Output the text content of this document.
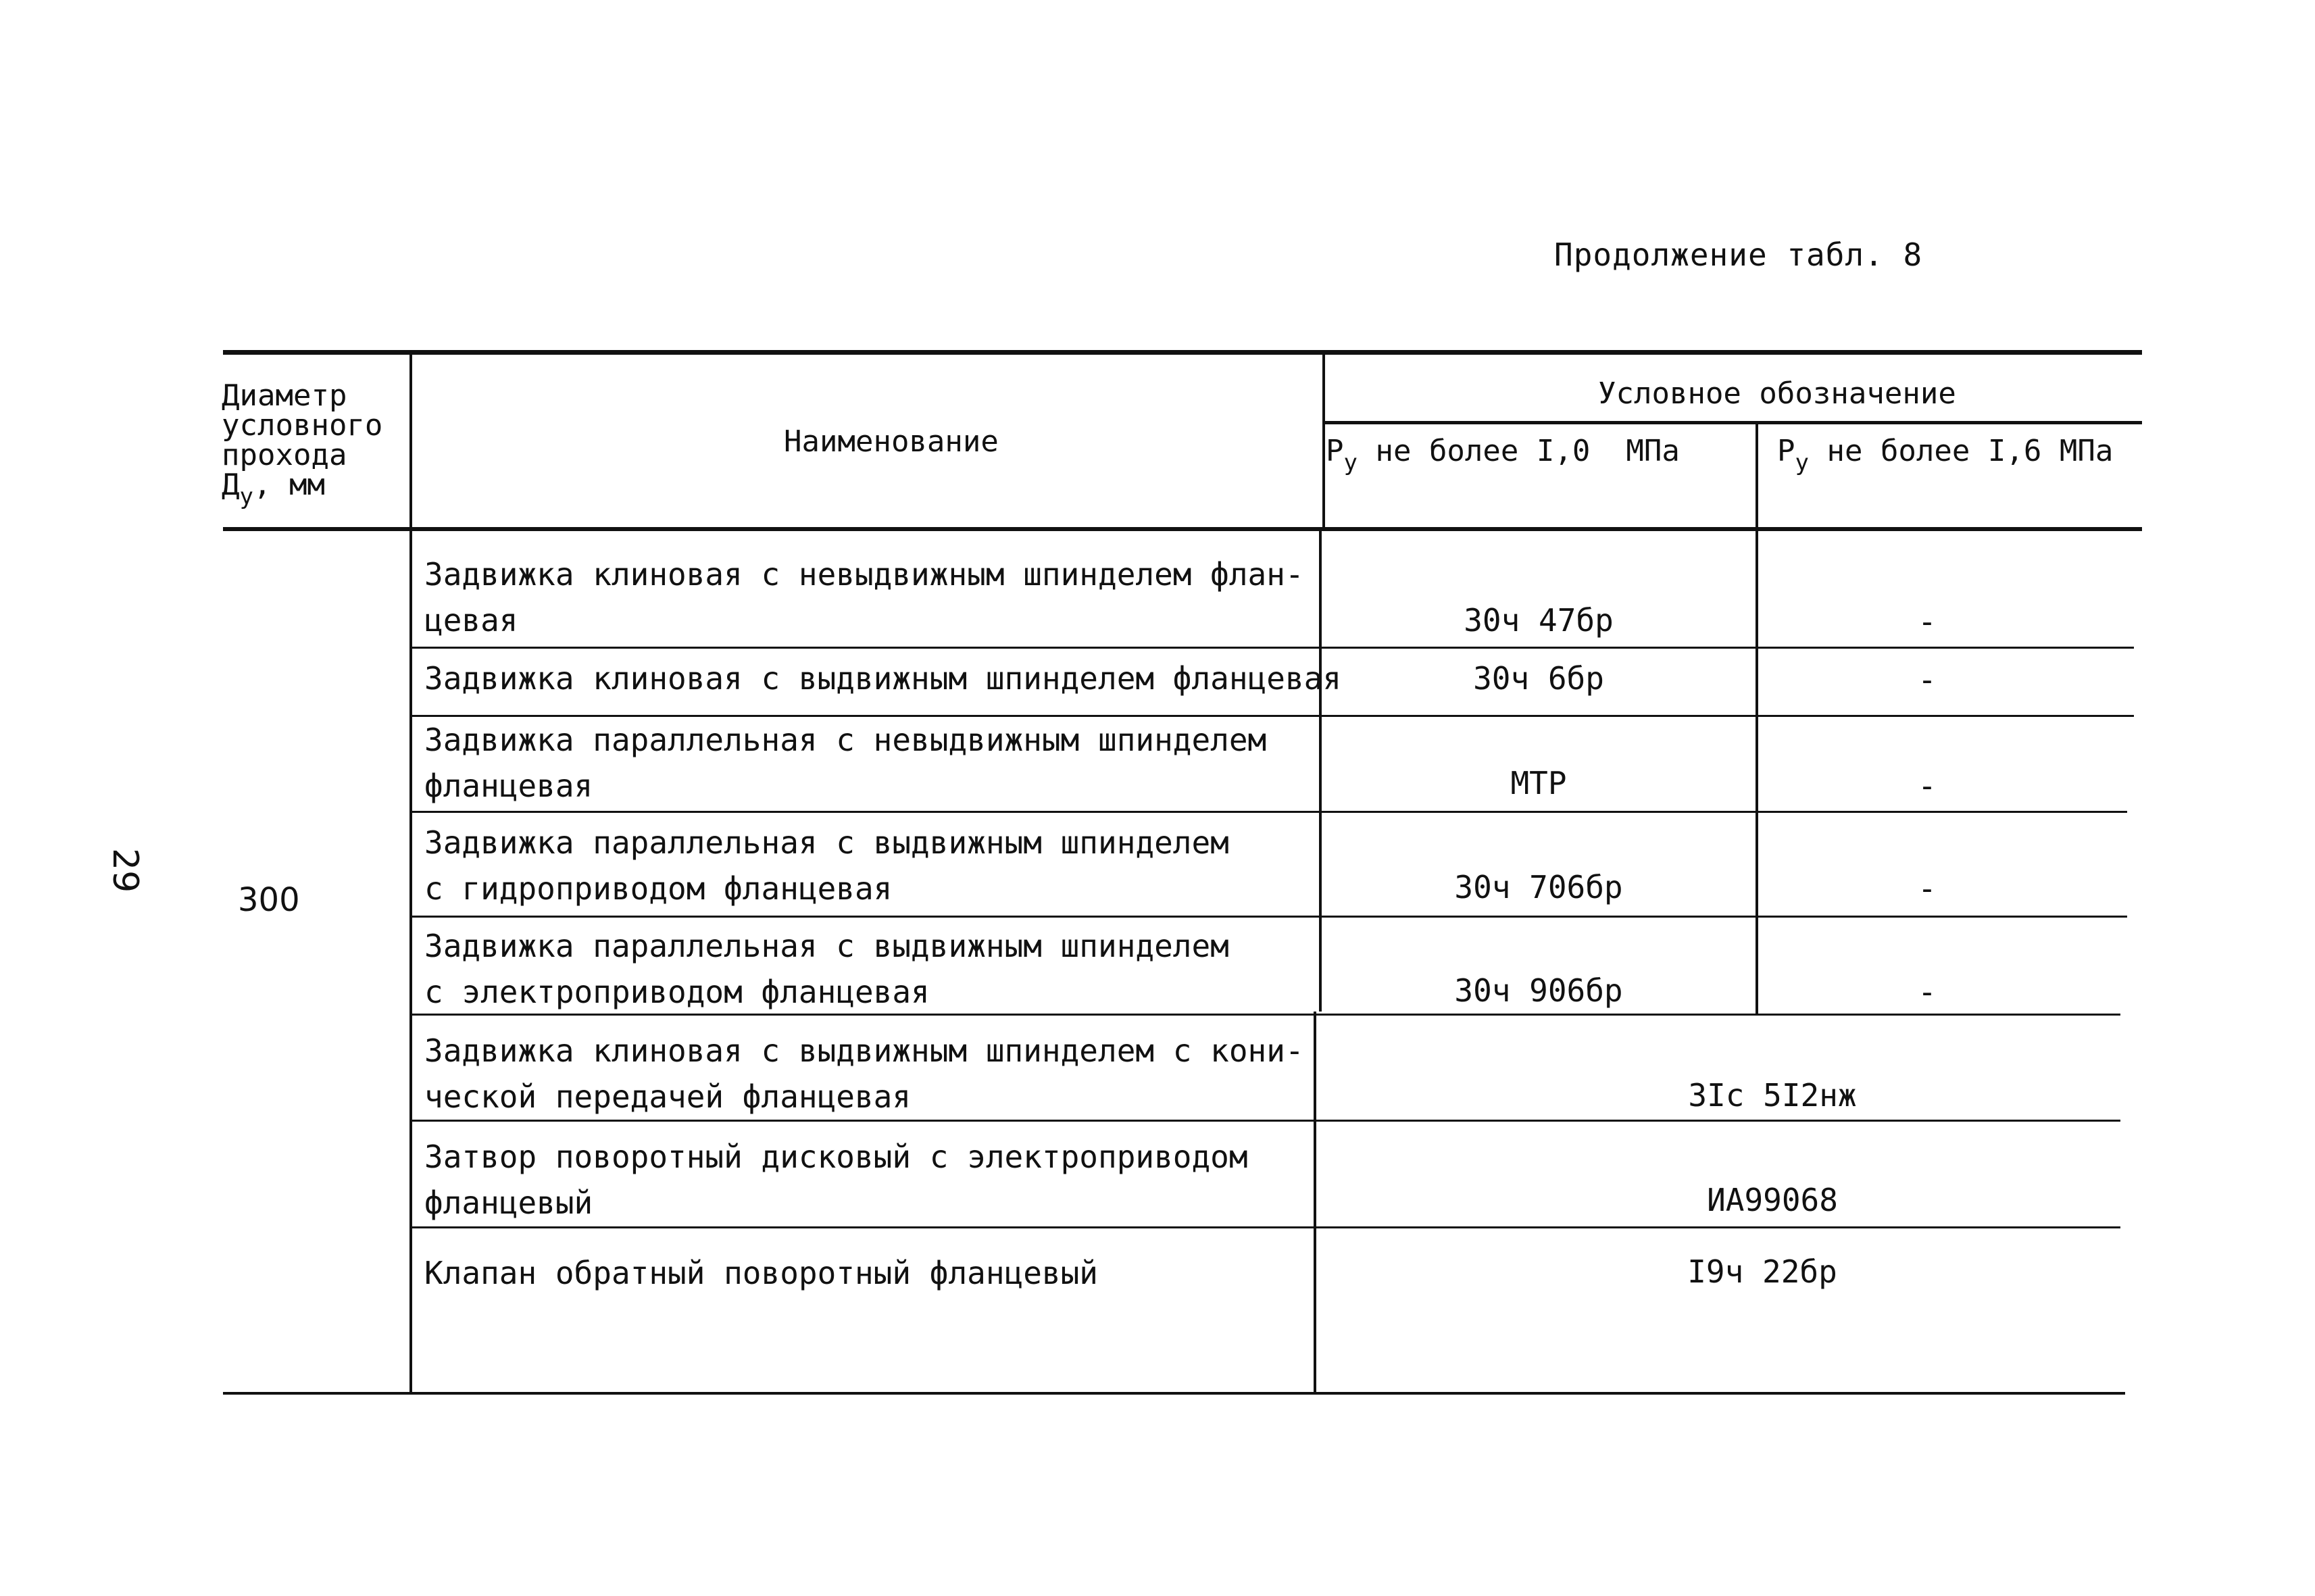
Продолжение табл. 8
29
Диаметр
условного
прохода
$Д_у$, мм
Наименование
Условное обозначение
$P_у$ не более I,0  МПа	$P_у$ не более I,6 МПа
300
Задвижка клиновая с невыдвижным шпинделем флан-
цевая	30ч 47бр	-
Задвижка клиновая с выдвижным шпинделем фланцевая	30ч 6бр	-
Задвижка параллельная с невыдвижным шпинделем
фланцевая	МТР	-
Задвижка параллельная с выдвижным шпинделем
с гидроприводом фланцевая	30ч 706бр	-
Задвижка параллельная с выдвижным шпинделем
с электроприводом фланцевая	30ч 906бр	-
Задвижка клиновая с выдвижным шпинделем с кони-
ческой передачей фланцевая	3Iс 5I2нж
Затвор поворотный дисковый с электроприводом
фланцевый	ИА99068
Клапан обратный поворотный фланцевый	I9ч 22бр
